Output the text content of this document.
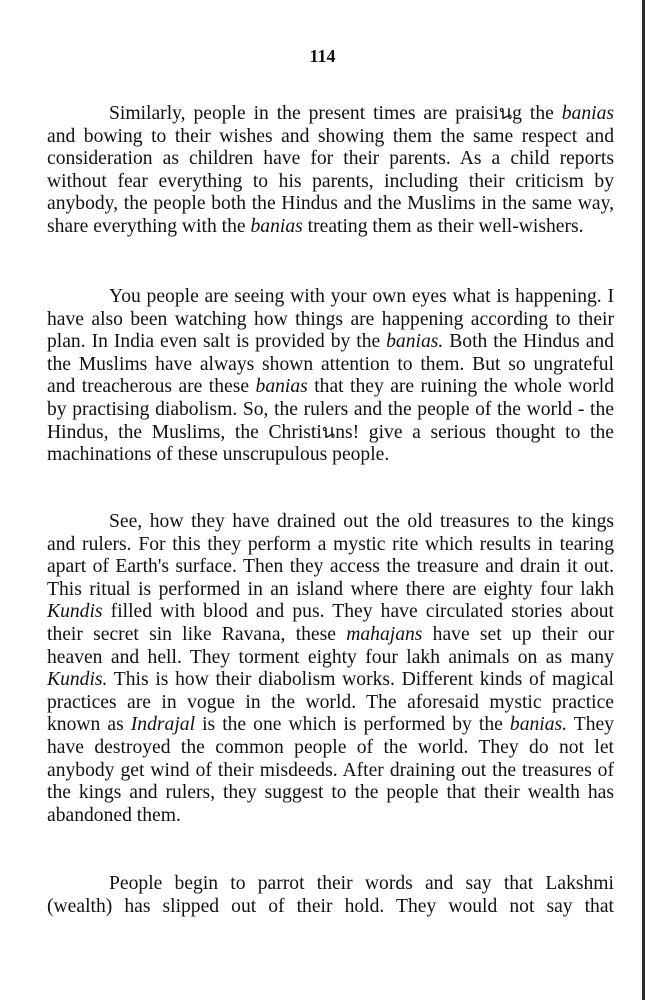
114

Similarly, people in the present times are praisiนg the banias and bowing to their wishes and showing them the same respect and consideration as children have for their parents. As a child reports without fear everything to his parents, including their criticism by anybody, the people both the Hindus and the Muslims in the same way, share everything with the banias treating them as their well-wishers.

You people are seeing with your own eyes what is happening. I have also been watching how things are happening according to their plan. In India even salt is provided by the banias. Both the Hindus and the Muslims have always shown attention to them. But so ungrateful and treacherous are these banias that they are ruining the whole world by practising diabolism. So, the rulers and the people of the world - the Hindus, the Muslims, the Christiนns! give a serious thought to the machinations of these unscrupulous people.

See, how they have drained out the old treasures to the kings and rulers. For this they perform a mystic rite which results in tearing apart of Earth's surface. Then they access the treasure and drain it out. This ritual is performed in an island where there are eighty four lakh Kundis filled with blood and pus. They have circulated stories about their secret sin like Ravana, these mahajans have set up their our heaven and hell. They torment eighty four lakh animals on as many Kundis. This is how their diabolism works. Different kinds of magical practices are in vogue in the world. The aforesaid mystic practice known as Indrajal is the one which is performed by the banias. They have destroyed the common people of the world. They do not let anybody get wind of their misdeeds. After draining out the treasures of the kings and rulers, they suggest to the people that their wealth has abandoned them.

People begin to parrot their words and say that Lakshmi (wealth) has slipped out of their hold. They would not say that
